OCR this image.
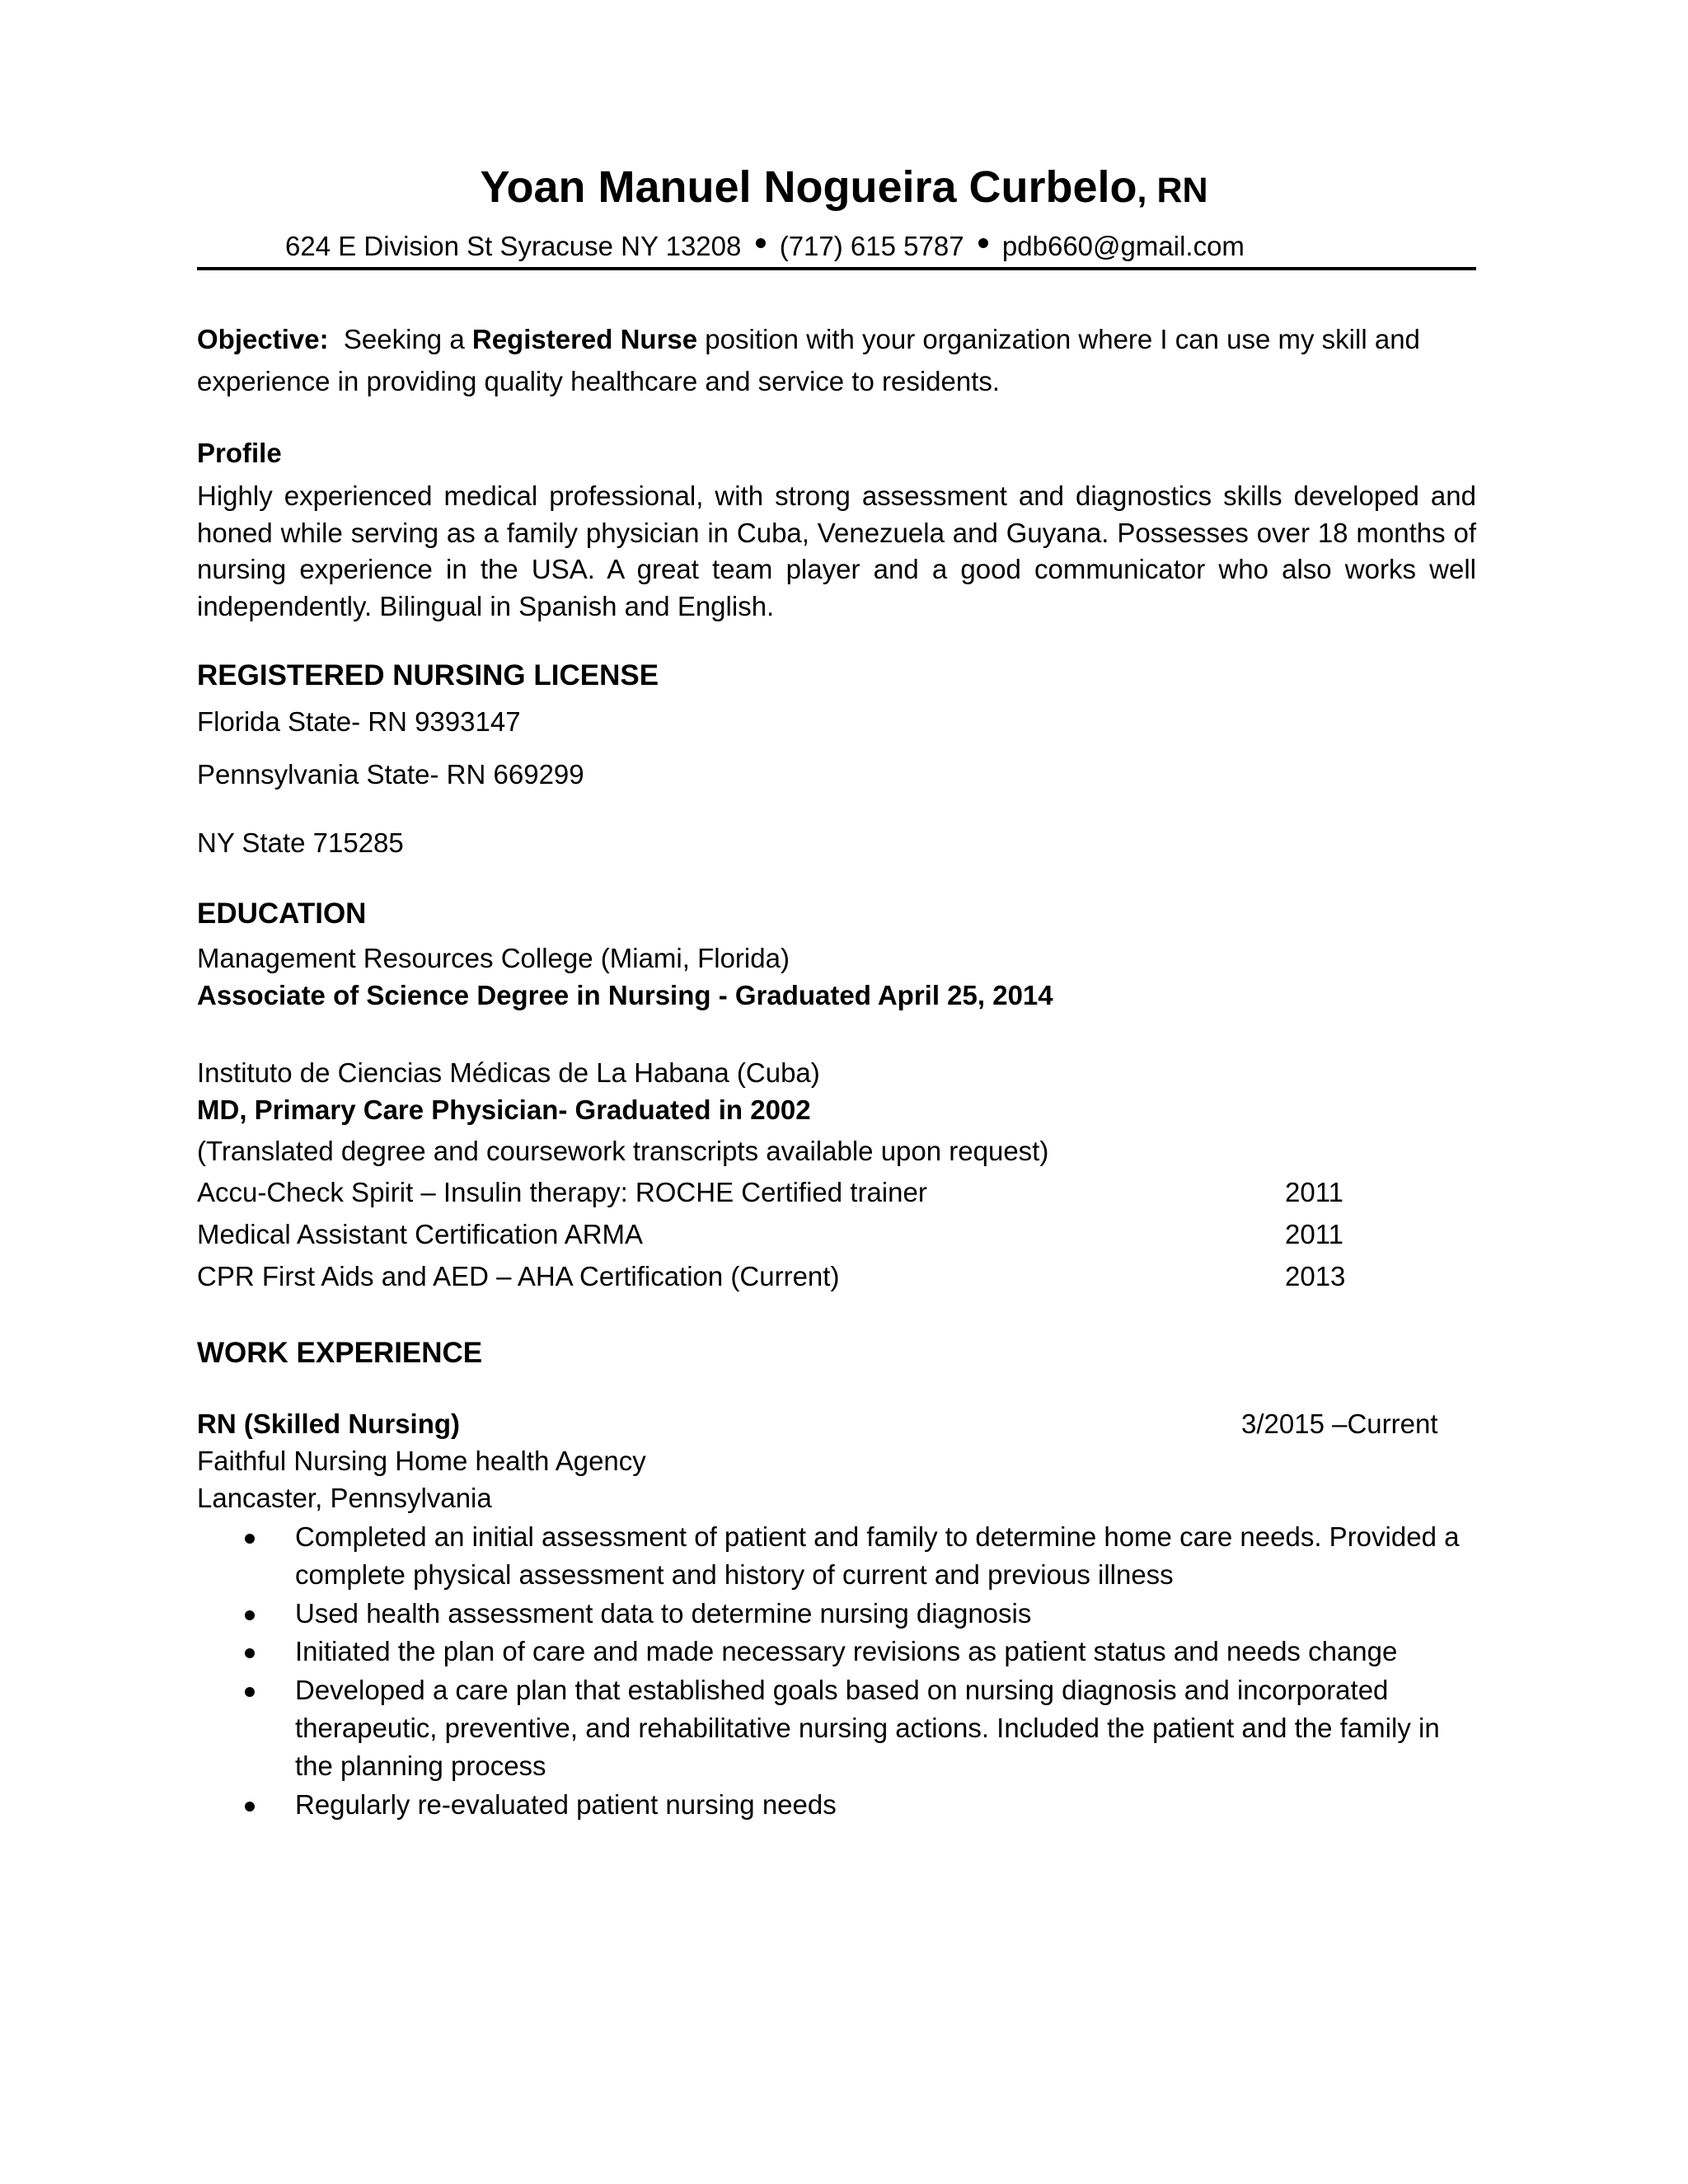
Yoan Manuel Nogueira Curbelo, RN
624 E Division St Syracuse NY 13208 (717) 615 5787 pdb660@gmail.com
Objective: Seeking a Registered Nurse position with your organization where I can use my skill and experience in providing quality healthcare and service to residents.
Profile
Highly experienced medical professional, with strong assessment and diagnostics skills developed and honed while serving as a family physician in Cuba, Venezuela and Guyana. Possesses over 18 months of nursing experience in the USA. A great team player and a good communicator who also works well independently. Bilingual in Spanish and English.
REGISTERED NURSING LICENSE
Florida State- RN 9393147
Pennsylvania State- RN 669299
NY State 715285
EDUCATION
Management Resources College (Miami, Florida)
Associate of Science Degree in Nursing - Graduated April 25, 2014
Instituto de Ciencias Médicas de La Habana (Cuba)
MD, Primary Care Physician- Graduated in 2002
(Translated degree and coursework transcripts available upon request)
Accu-Check Spirit – Insulin therapy: ROCHE Certified trainer	2011
Medical Assistant Certification ARMA	2011
CPR First Aids and AED – AHA Certification (Current)	2013
WORK EXPERIENCE
RN (Skilled Nursing)	3/2015 –Current
Faithful Nursing Home health Agency
Lancaster, Pennsylvania
Completed an initial assessment of patient and family to determine home care needs. Provided a complete physical assessment and history of current and previous illness
Used health assessment data to determine nursing diagnosis
Initiated the plan of care and made necessary revisions as patient status and needs change
Developed a care plan that established goals based on nursing diagnosis and incorporated therapeutic, preventive, and rehabilitative nursing actions. Included the patient and the family in the planning process
Regularly re-evaluated patient nursing needs
